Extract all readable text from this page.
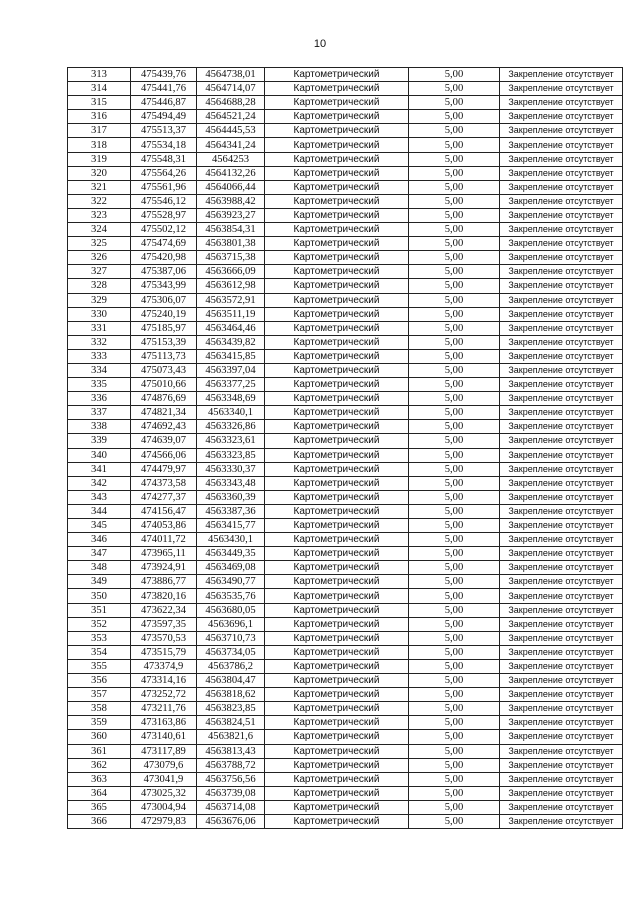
10
313	475439,76	4564738,01	Картометрический	5,00	Закрепление отсутствует
314	475441,76	4564714,07	Картометрический	5,00	Закрепление отсутствует
315	475446,87	4564688,28	Картометрический	5,00	Закрепление отсутствует
316	475494,49	4564521,24	Картометрический	5,00	Закрепление отсутствует
317	475513,37	4564445,53	Картометрический	5,00	Закрепление отсутствует
318	475534,18	4564341,24	Картометрический	5,00	Закрепление отсутствует
319	475548,31	4564253	Картометрический	5,00	Закрепление отсутствует
320	475564,26	4564132,26	Картометрический	5,00	Закрепление отсутствует
321	475561,96	4564066,44	Картометрический	5,00	Закрепление отсутствует
322	475546,12	4563988,42	Картометрический	5,00	Закрепление отсутствует
323	475528,97	4563923,27	Картометрический	5,00	Закрепление отсутствует
324	475502,12	4563854,31	Картометрический	5,00	Закрепление отсутствует
325	475474,69	4563801,38	Картометрический	5,00	Закрепление отсутствует
326	475420,98	4563715,38	Картометрический	5,00	Закрепление отсутствует
327	475387,06	4563666,09	Картометрический	5,00	Закрепление отсутствует
328	475343,99	4563612,98	Картометрический	5,00	Закрепление отсутствует
329	475306,07	4563572,91	Картометрический	5,00	Закрепление отсутствует
330	475240,19	4563511,19	Картометрический	5,00	Закрепление отсутствует
331	475185,97	4563464,46	Картометрический	5,00	Закрепление отсутствует
332	475153,39	4563439,82	Картометрический	5,00	Закрепление отсутствует
333	475113,73	4563415,85	Картометрический	5,00	Закрепление отсутствует
334	475073,43	4563397,04	Картометрический	5,00	Закрепление отсутствует
335	475010,66	4563377,25	Картометрический	5,00	Закрепление отсутствует
336	474876,69	4563348,69	Картометрический	5,00	Закрепление отсутствует
337	474821,34	4563340,1	Картометрический	5,00	Закрепление отсутствует
338	474692,43	4563326,86	Картометрический	5,00	Закрепление отсутствует
339	474639,07	4563323,61	Картометрический	5,00	Закрепление отсутствует
340	474566,06	4563323,85	Картометрический	5,00	Закрепление отсутствует
341	474479,97	4563330,37	Картометрический	5,00	Закрепление отсутствует
342	474373,58	4563343,48	Картометрический	5,00	Закрепление отсутствует
343	474277,37	4563360,39	Картометрический	5,00	Закрепление отсутствует
344	474156,47	4563387,36	Картометрический	5,00	Закрепление отсутствует
345	474053,86	4563415,77	Картометрический	5,00	Закрепление отсутствует
346	474011,72	4563430,1	Картометрический	5,00	Закрепление отсутствует
347	473965,11	4563449,35	Картометрический	5,00	Закрепление отсутствует
348	473924,91	4563469,08	Картометрический	5,00	Закрепление отсутствует
349	473886,77	4563490,77	Картометрический	5,00	Закрепление отсутствует
350	473820,16	4563535,76	Картометрический	5,00	Закрепление отсутствует
351	473622,34	4563680,05	Картометрический	5,00	Закрепление отсутствует
352	473597,35	4563696,1	Картометрический	5,00	Закрепление отсутствует
353	473570,53	4563710,73	Картометрический	5,00	Закрепление отсутствует
354	473515,79	4563734,05	Картометрический	5,00	Закрепление отсутствует
355	473374,9	4563786,2	Картометрический	5,00	Закрепление отсутствует
356	473314,16	4563804,47	Картометрический	5,00	Закрепление отсутствует
357	473252,72	4563818,62	Картометрический	5,00	Закрепление отсутствует
358	473211,76	4563823,85	Картометрический	5,00	Закрепление отсутствует
359	473163,86	4563824,51	Картометрический	5,00	Закрепление отсутствует
360	473140,61	4563821,6	Картометрический	5,00	Закрепление отсутствует
361	473117,89	4563813,43	Картометрический	5,00	Закрепление отсутствует
362	473079,6	4563788,72	Картометрический	5,00	Закрепление отсутствует
363	473041,9	4563756,56	Картометрический	5,00	Закрепление отсутствует
364	473025,32	4563739,08	Картометрический	5,00	Закрепление отсутствует
365	473004,94	4563714,08	Картометрический	5,00	Закрепление отсутствует
366	472979,83	4563676,06	Картометрический	5,00	Закрепление отсутствует
